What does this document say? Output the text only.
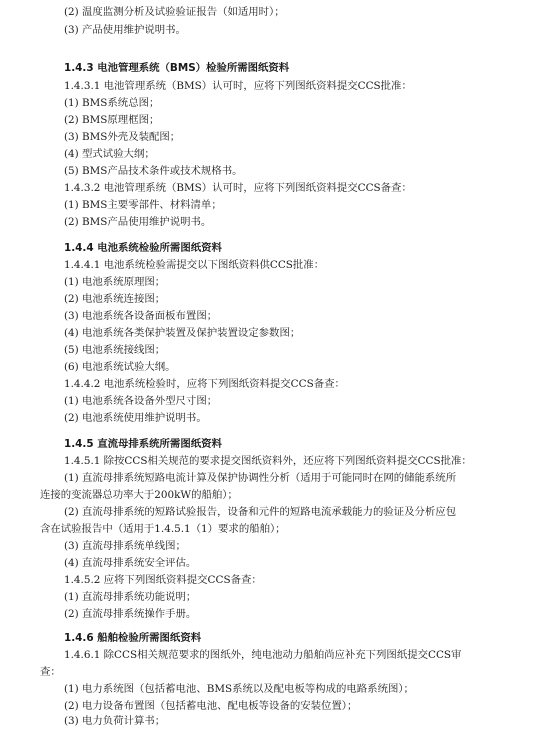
(2) 温度监测分析及试验验证报告（如适用时）；
(3) 产品使用维护说明书。
1.4.3 电池管理系统（BMS）检验所需图纸资料
1.4.3.1 电池管理系统（BMS）认可时，应将下列图纸资料提交CCS批准：
(1) BMS系统总图；
(2) BMS原理框图；
(3) BMS外壳及装配图；
(4) 型式试验大纲；
(5) BMS产品技术条件或技术规格书。
1.4.3.2 电池管理系统（BMS）认可时，应将下列图纸资料提交CCS备查：
(1) BMS主要零部件、材料清单；
(2) BMS产品使用维护说明书。
1.4.4 电池系统检验所需图纸资料
1.4.4.1 电池系统检验需提交以下图纸资料供CCS批准：
(1) 电池系统原理图；
(2) 电池系统连接图；
(3) 电池系统各设备面板布置图；
(4) 电池系统各类保护装置及保护装置设定参数图；
(5) 电池系统接线图；
(6) 电池系统试验大纲。
1.4.4.2 电池系统检验时，应将下列图纸资料提交CCS备查：
(1) 电池系统各设备外型尺寸图；
(2) 电池系统使用维护说明书。
1.4.5 直流母排系统所需图纸资料
1.4.5.1 除按CCS相关规范的要求提交图纸资料外，还应将下列图纸资料提交CCS批准：
(1) 直流母排系统短路电流计算及保护协调性分析（适用于可能同时在网的储能系统所
连接的变流器总功率大于200kW的船舶）；
(2) 直流母排系统的短路试验报告，设备和元件的短路电流承载能力的验证及分析应包
含在试验报告中（适用于1.4.5.1（1）要求的船舶）；
(3) 直流母排系统单线图；
(4) 直流母排系统安全评估。
1.4.5.2 应将下列图纸资料提交CCS备查：
(1) 直流母排系统功能说明；
(2) 直流母排系统操作手册。
1.4.6 船舶检验所需图纸资料
1.4.6.1 除CCS相关规范要求的图纸外，纯电池动力船舶尚应补充下列图纸提交CCS审
查：
(1) 电力系统图（包括蓄电池、BMS系统以及配电板等构成的电路系统图）；
(2) 电力设备布置图（包括蓄电池、配电板等设备的安装位置）；
(3) 电力负荷计算书；
